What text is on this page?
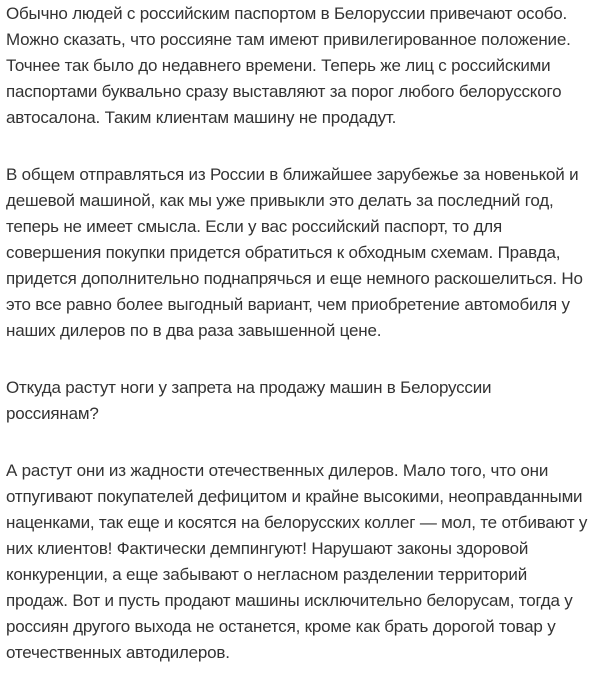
Обычно людей с российским паспортом в Белоруссии привечают особо.
Можно сказать, что россияне там имеют привилегированное положение.
Точнее так было до недавнего времени. Теперь же лиц с российскими
паспортами буквально сразу выставляют за порог любого белорусского
автосалона. Таким клиентам машину не продадут.

В общем отправляться из России в ближайшее зарубежье за новенькой и
дешевой машиной, как мы уже привыкли это делать за последний год,
теперь не имеет смысла. Если у вас российский паспорт, то для
совершения покупки придется обратиться к обходным схемам. Правда,
придется дополнительно поднапрячься и еще немного раскошелиться. Но
это все равно более выгодный вариант, чем приобретение автомобиля у
наших дилеров по в два раза завышенной цене.

Откуда растут ноги у запрета на продажу машин в Белоруссии
россиянам?

А растут они из жадности отечественных дилеров. Мало того, что они
отпугивают покупателей дефицитом и крайне высокими, неоправданными
наценками, так еще и косятся на белорусских коллег — мол, те отбивают у
них клиентов! Фактически демпингуют! Нарушают законы здоровой
конкуренции, а еще забывают о негласном разделении территорий
продаж. Вот и пусть продают машины исключительно белорусам, тогда у
россиян другого выхода не останется, кроме как брать дорогой товар у
отечественных автодилеров.
